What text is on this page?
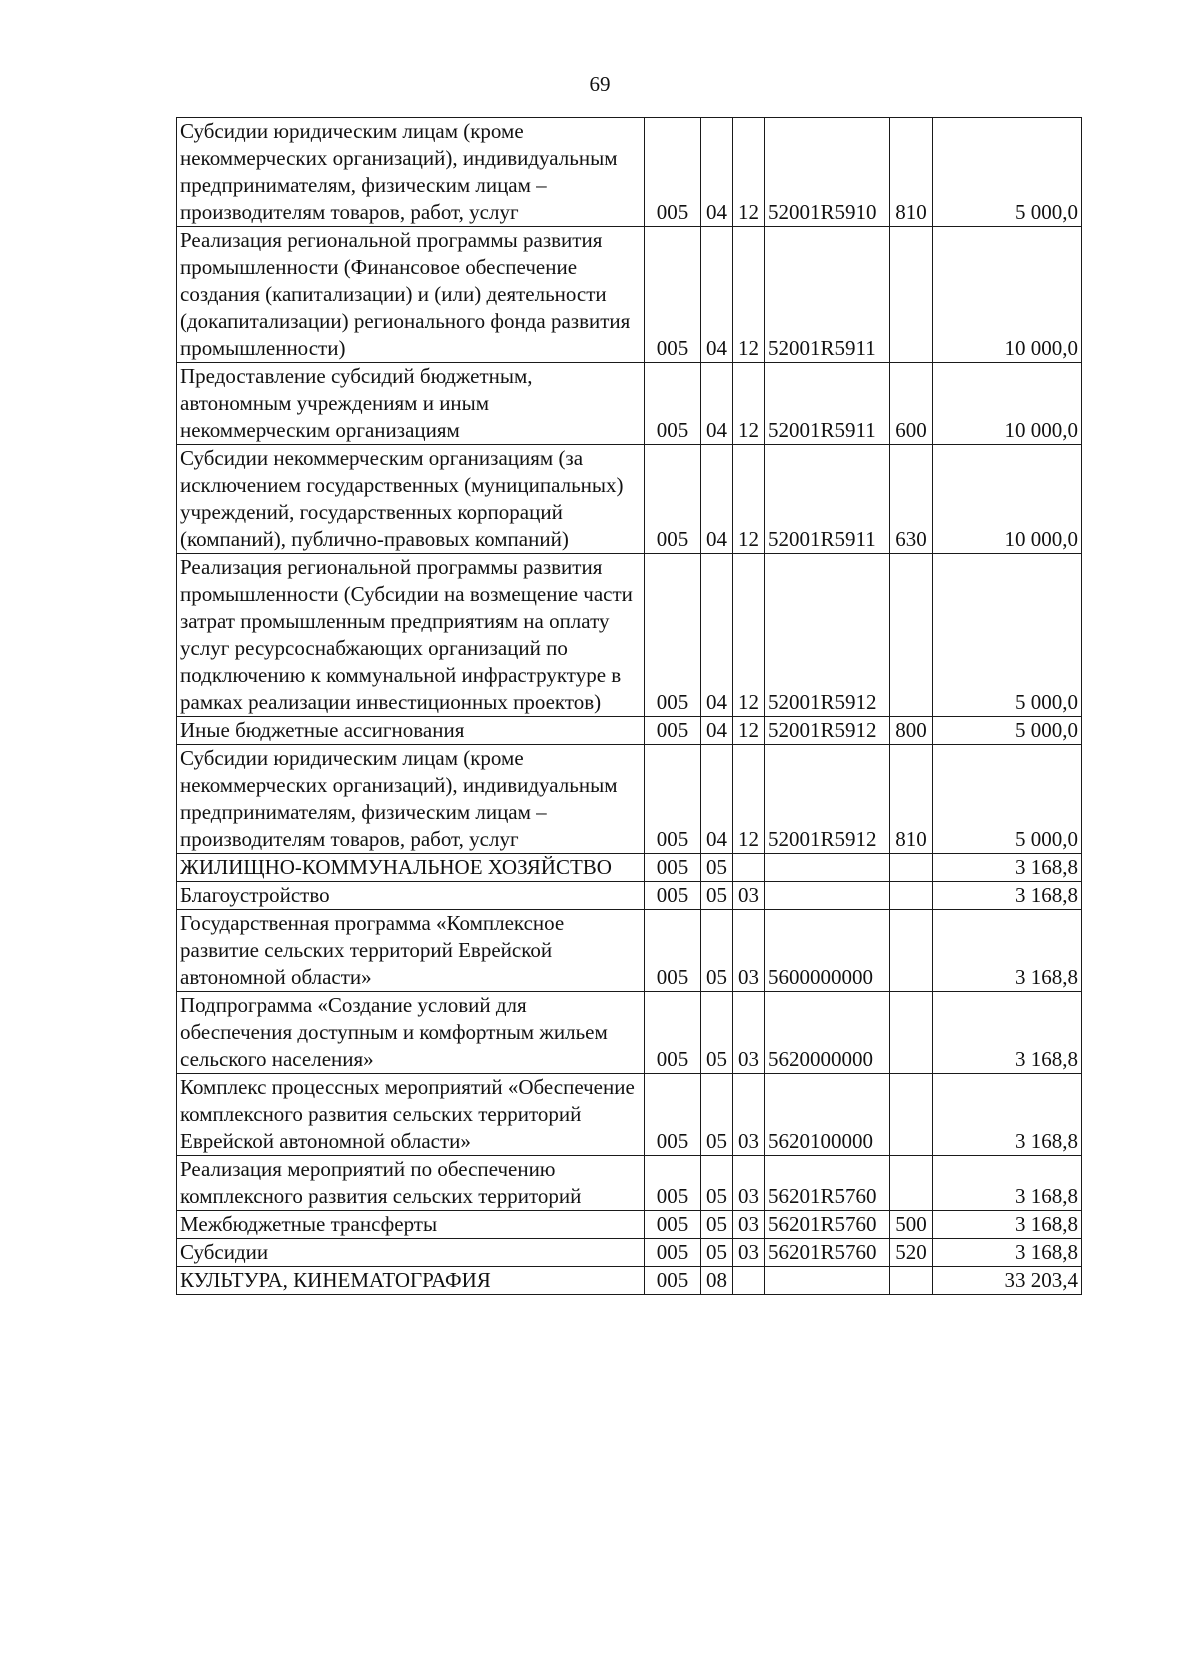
69
Субсидии юридическим лицам (кроме некоммерческих организаций), индивидуальным предпринимателям, физическим лицам – производителям товаров, работ, услуг	005	04	12	52001R5910	810	5 000,0

Реализация региональной программы развития промышленности (Финансовое обеспечение создания (капитализации) и (или) деятельности (докапитализации) регионального фонда развития промышленности)	005	04	12	52001R5911		10 000,0

Предоставление субсидий бюджетным, автономным учреждениям и иным некоммерческим организациям	005	04	12	52001R5911	600	10 000,0

Субсидии некоммерческим организациям (за исключением государственных (муниципальных) учреждений, государственных корпораций (компаний), публично-правовых компаний)	005	04	12	52001R5911	630	10 000,0

Реализация региональной программы развития промышленности (Субсидии на возмещение части затрат промышленным предприятиям на оплату услуг ресурсоснабжающих организаций по подключению к коммунальной инфраструктуре в рамках реализации инвестиционных проектов)	005	04	12	52001R5912		5 000,0

Иные бюджетные ассигнования	005	04	12	52001R5912	800	5 000,0

Субсидии юридическим лицам (кроме некоммерческих организаций), индивидуальным предпринимателям, физическим лицам – производителям товаров, работ, услуг	005	04	12	52001R5912	810	5 000,0

ЖИЛИЩНО-КОММУНАЛЬНОЕ ХОЗЯЙСТВО	005	05				3 168,8

Благоустройство	005	05	03			3 168,8

Государственная программа «Комплексное развитие сельских территорий Еврейской автономной области»	005	05	03	5600000000		3 168,8

Подпрограмма «Создание условий для обеспечения доступным и комфортным жильем сельского населения»	005	05	03	5620000000		3 168,8

Комплекс процессных мероприятий «Обеспечение комплексного развития сельских территорий Еврейской автономной области»	005	05	03	5620100000		3 168,8

Реализация мероприятий по обеспечению комплексного развития сельских территорий	005	05	03	56201R5760		3 168,8

Межбюджетные трансферты	005	05	03	56201R5760	500	3 168,8

Субсидии	005	05	03	56201R5760	520	3 168,8

КУЛЬТУРА, КИНЕМАТОГРАФИЯ	005	08				33 203,4
